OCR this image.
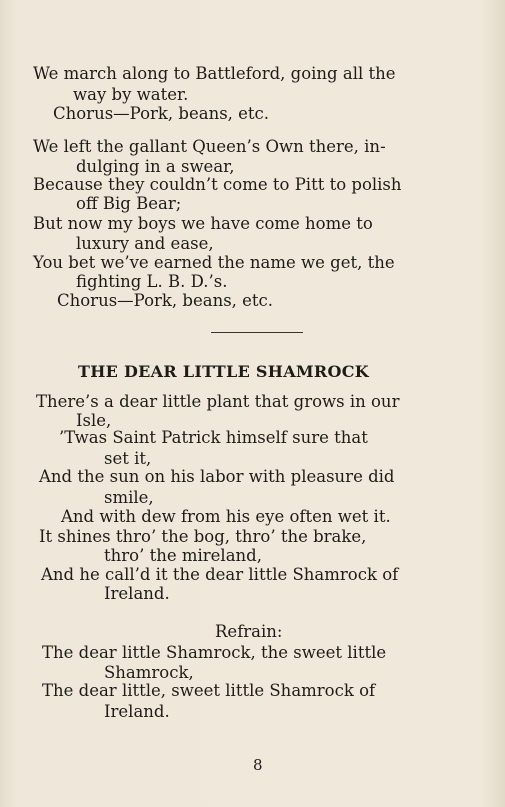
We march along to Battleford, going all the
way by water.
Chorus—Pork, beans, etc.
We left the gallant Queen’s Own there, in-
dulging in a swear,
Because they couldn’t come to Pitt to polish
off Big Bear;
But now my boys we have come home to
luxury and ease,
You bet we’ve earned the name we get, the
fighting L. B. D.’s.
Chorus—Pork, beans, etc.
THE DEAR LITTLE SHAMROCK
There’s a dear little plant that grows in our
Isle,
’Twas Saint Patrick himself sure that
set it,
And the sun on his labor with pleasure did
smile,
And with dew from his eye often wet it.
It shines thro’ the bog, thro’ the brake,
thro’ the mireland,
And he call’d it the dear little Shamrock of
Ireland.
Refrain:
The dear little Shamrock, the sweet little
Shamrock,
The dear little, sweet little Shamrock of
Ireland.
8
